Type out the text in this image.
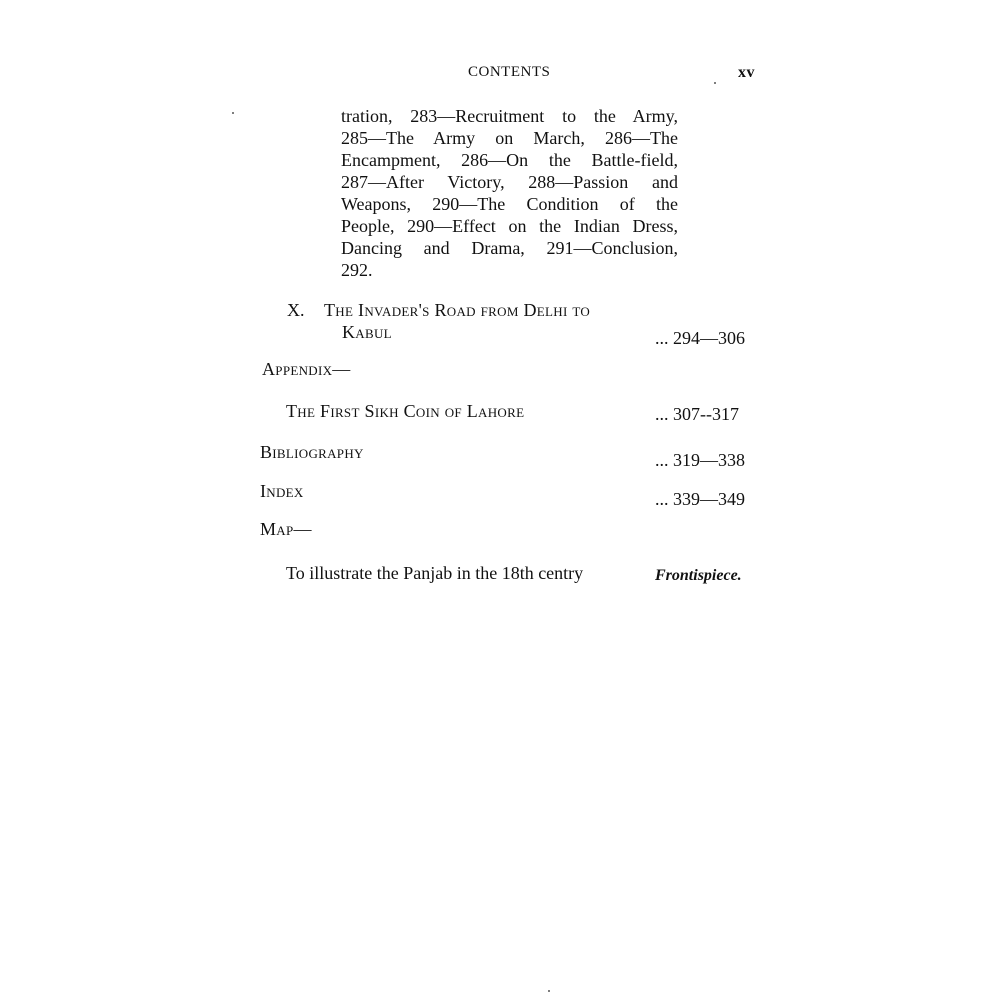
CONTENTS	xv
tration, 283—Recruitment to the Army,
285—The Army on March, 286—The
Encampment, 286—On the Battle-field,
287—After Victory, 288—Passion and
Weapons, 290—The Condition of the
People, 290—Effect on the Indian Dress,
Dancing and Drama, 291—Conclusion,
292.
X. The Invader's Road from Delhi to
Kabul	... 294—306
Appendix—
The First Sikh Coin of Lahore	... 307--317
Bibliography	... 319—338
Index	... 339—349
Map—
To illustrate the Panjab in the 18th centry	Frontispiece.
